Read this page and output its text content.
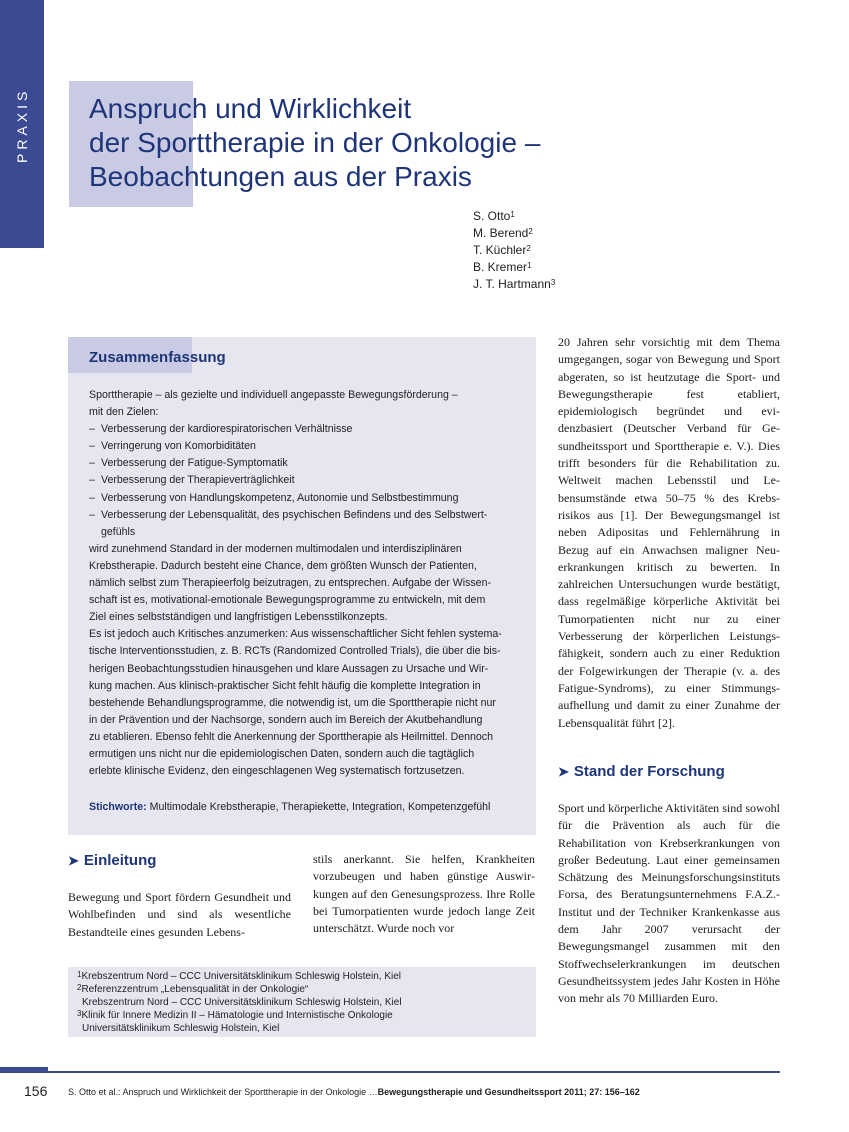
PRAXIS	Anspruch und Wirklichkeit
der Sporttherapie in der Onkologie –
Beobachtungen aus der Praxis
S. Otto$^1$
M. Berend$^2$
T. Küchler$^2$
B. Kremer$^1$
J. T. Hartmann$^3$
Zusammenfassung

Sporttherapie – als gezielte und individuell angepasste Bewegungsförderung –

mit den Zielen:

– Verbesserung der kardiorespiratorischen Verhältnisse

– Verringerung von Komorbiditäten

– Verbesserung der Fatigue-Symptomatik

– Verbesserung der Therapieverträglichkeit

– Verbesserung von Handlungskompetenz, Autonomie und Selbstbestimmung

– Verbesserung der Lebensqualität, des psychischen Befindens und des Selbstwert-

gefühls

wird zunehmend Standard in der modernen multimodalen und interdisziplinären

Krebstherapie. Dadurch besteht eine Chance, dem größten Wunsch der Patienten,

nämlich selbst zum Therapieerfolg beizutragen, zu entsprechen. Aufgabe der Wissen-

schaft ist es, motivational-emotionale Bewegungsprogramme zu entwickeln, mit dem

Ziel eines selbstständigen und langfristigen Lebensstilkonzepts.

Es ist jedoch auch Kritisches anzumerken: Aus wissenschaftlicher Sicht fehlen systema-

tische Interventionsstudien, z. B. RCTs (Randomized Controlled Trials), die über die bis-

herigen Beobachtungsstudien hinausgehen und klare Aussagen zu Ursache und Wir-

kung machen. Aus klinisch-praktischer Sicht fehlt häufig die komplette Integration in

bestehende Behandlungsprogramme, die notwendig ist, um die Sporttherapie nicht nur

in der Prävention und der Nachsorge, sondern auch im Bereich der Akutbehandlung

zu etablieren. Ebenso fehlt die Anerkennung der Sporttherapie als Heilmittel. Dennoch

ermutigen uns nicht nur die epidemiologischen Daten, sondern auch die tagtäglich

erlebte klinische Evidenz, den eingeschlagenen Weg systematisch fortzusetzen.

Stichworte: Multimodale Krebstherapie, Therapiekette, Integration, Kompetenzgefühl
➤ Einleitung

Bewegung und Sport fördern Gesundheit und Wohlbefinden und sind als wesentliche Bestandteile eines gesunden Lebens-

stils anerkannt. Sie helfen, Krankheiten vorzubeugen und haben günstige Auswirkungen auf den Genesungsprozess. Ihre Rolle bei Tumorpatienten wurde jedoch lange Zeit unterschätzt. Wurde noch vor

20 Jahren sehr vorsichtig mit dem Thema umgegangen, sogar von Bewegung und Sport abgeraten, so ist heutzutage die Sport- und Bewegungstherapie fest etabliert, epidemiologisch begründet und evidenzbasiert (Deutscher Verband für Gesundheitssport und Sporttherapie e. V.). Dies trifft besonders für die Rehabilitation zu. Weltweit machen Lebensstil und Lebensumstände etwa 50–75 % des Krebsrisikos aus [1]. Der Bewegungsmangel ist neben Adipositas und Fehlernährung in Bezug auf ein Anwachsen maligner Neuerkrankungen kritisch zu bewerten. In zahlreichen Untersuchungen wurde bestätigt, dass regelmäßige körperliche Aktivität bei Tumorpatienten nicht nur zu einer Verbesserung der körperlichen Leistungsfähigkeit, sondern auch zu einer Reduktion der Folgewirkungen der Therapie (v. a. des Fatigue-Syndroms), zu einer Stimmungsaufhellung und damit zu einer Zunahme der Lebensqualität führt [2].

➤ Stand der Forschung

Sport und körperliche Aktivitäten sind sowohl für die Prävention als auch für die Rehabilitation von Krebserkrankungen von großer Bedeutung. Laut einer gemeinsamen Schätzung des Meinungsforschungsinstituts Forsa, des Beratungsunternehmens F.A.Z.-Institut und der Techniker Krankenkasse aus dem Jahr 2007 verursacht der Bewegungsmangel zusammen mit den Stoffwechselerkrankungen im deutschen Gesundheitssystem jedes Jahr Kosten in Höhe von mehr als 70 Milliarden Euro.

$^1$Krebszentrum Nord – CCC Universitätsklinikum Schleswig Holstein, Kiel
$^2$Referenzzentrum „Lebensqualität in der Onkologie“
Krebszentrum Nord – CCC Universitätsklinikum Schleswig Holstein, Kiel
$^3$Klinik für Innere Medizin II – Hämatologie und Internistische Onkologie
Universitätsklinikum Schleswig Holstein, Kiel
156 S. Otto et al.: Anspruch und Wirklichkeit der Sporttherapie in der Onkologie …Bewegungstherapie und Gesundheitssport 2011; 27: 156–162
